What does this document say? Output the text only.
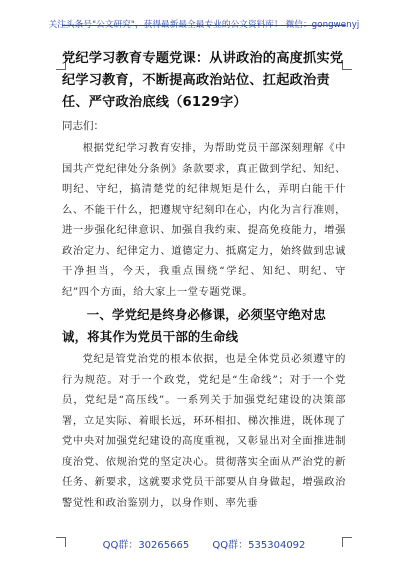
关注头条号"公文研究"，获得最新最全最专业的公文资料库！ 微信：gongwenyj

党纪学习教育专题党课：从讲政治的高度抓实党纪学习教育，不断提高政治站位、扛起政治责任、严守政治底线（6129字）

同志们：

根据党纪学习教育安排，为帮助党员干部深刻理解《中国共产党纪律处分条例》条款要求，真正做到学纪、知纪、明纪、守纪，搞清楚党的纪律规矩是什么，弄明白能干什么、不能干什么，把遵规守纪刻印在心，内化为言行准则，进一步强化纪律意识、加强自我约束、提高免疫能力，增强政治定力、纪律定力、道德定力、抵腐定力，始终做到忠诚干净担当，今天，我重点围绕“学纪、知纪、明纪、守纪”四个方面，给大家上一堂专题党课。

一、学党纪是终身必修课，必须坚守绝对忠诚，将其作为党员干部的生命线

党纪是管党治党的根本依据，也是全体党员必须遵守的行为规范。对于一个政党，党纪是“生命线”；对于一个党员，党纪是“高压线”。一系列关于加强党纪建设的决策部署，立足实际、着眼长远，环环相扣、梯次推进，既体现了党中央对加强党纪建设的高度重视，又彰显出对全面推进制度治党、依规治党的坚定决心。贯彻落实全面从严治党的新任务、新要求，这就要求党员干部要从自身做起，增强政治警觉性和政治鉴别力，以身作则、率先垂

QQ群：30265665 QQ群：535304092
